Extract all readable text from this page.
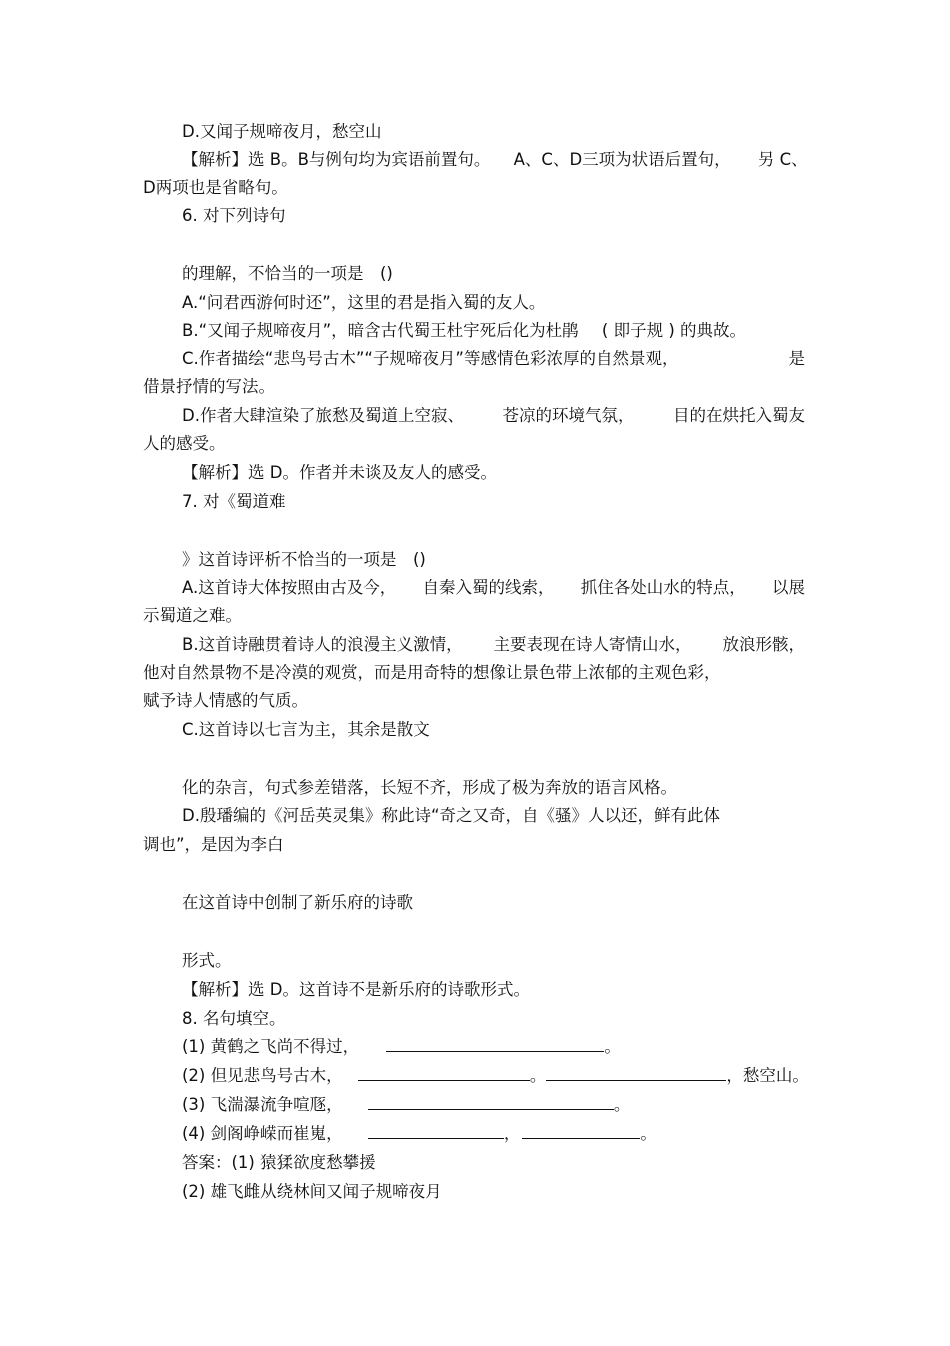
D.又闻子规啼夜月，愁空山
【解析】选 B。B与例句均为宾语前置句。 A、C、D三项为状语后置句， 另 C、
D两项也是省略句。
6. 对下列诗句
的理解，不恰当的一项是　()
A.“问君西游何时还”，这里的君是指入蜀的友人。
B.“又闻子规啼夜月”，暗含古代蜀王杜宇死后化为杜鹃 ( 即子规 ) 的典故。
C.作者描绘“悲鸟号古木”“子规啼夜月”等感情色彩浓厚的自然景观，	是
借景抒情的写法。
D.作者大肆渲染了旅愁及蜀道上空寂、 苍凉的环境气氛， 目的在烘托入蜀友
人的感受。
【解析】选 D。作者并未谈及友人的感受。
7. 对《蜀道难
》这首诗评析不恰当的一项是　()
A.这首诗大体按照由古及今， 自秦入蜀的线索， 抓住各处山水的特点， 以展
示蜀道之难。
B.这首诗融贯着诗人的浪漫主义激情， 主要表现在诗人寄情山水， 放浪形骸，
他对自然景物不是冷漠的观赏，而是用奇特的想像让景色带上浓郁的主观色彩，
赋予诗人情感的气质。
C.这首诗以七言为主，其余是散文
化的杂言，句式参差错落，长短不齐，形成了极为奔放的语言风格。
D.殷璠编的《河岳英灵集》称此诗“奇之又奇，自《骚》人以还，鲜有此体
调也”，是因为李白
在这首诗中创制了新乐府的诗歌
形式。
【解析】选 D。这首诗不是新乐府的诗歌形式。
8. 名句填空。
(1) 黄鹤之飞尚不得过，	。
(2) 但见悲鸟号古木，	。	，愁空山。
(3) 飞湍瀑流争喧豗，	。
(4) 剑阁峥嵘而崔嵬，	，	。
答案：(1) 猿猱欲度愁攀援
(2) 雄飞雌从绕林间又闻子规啼夜月
